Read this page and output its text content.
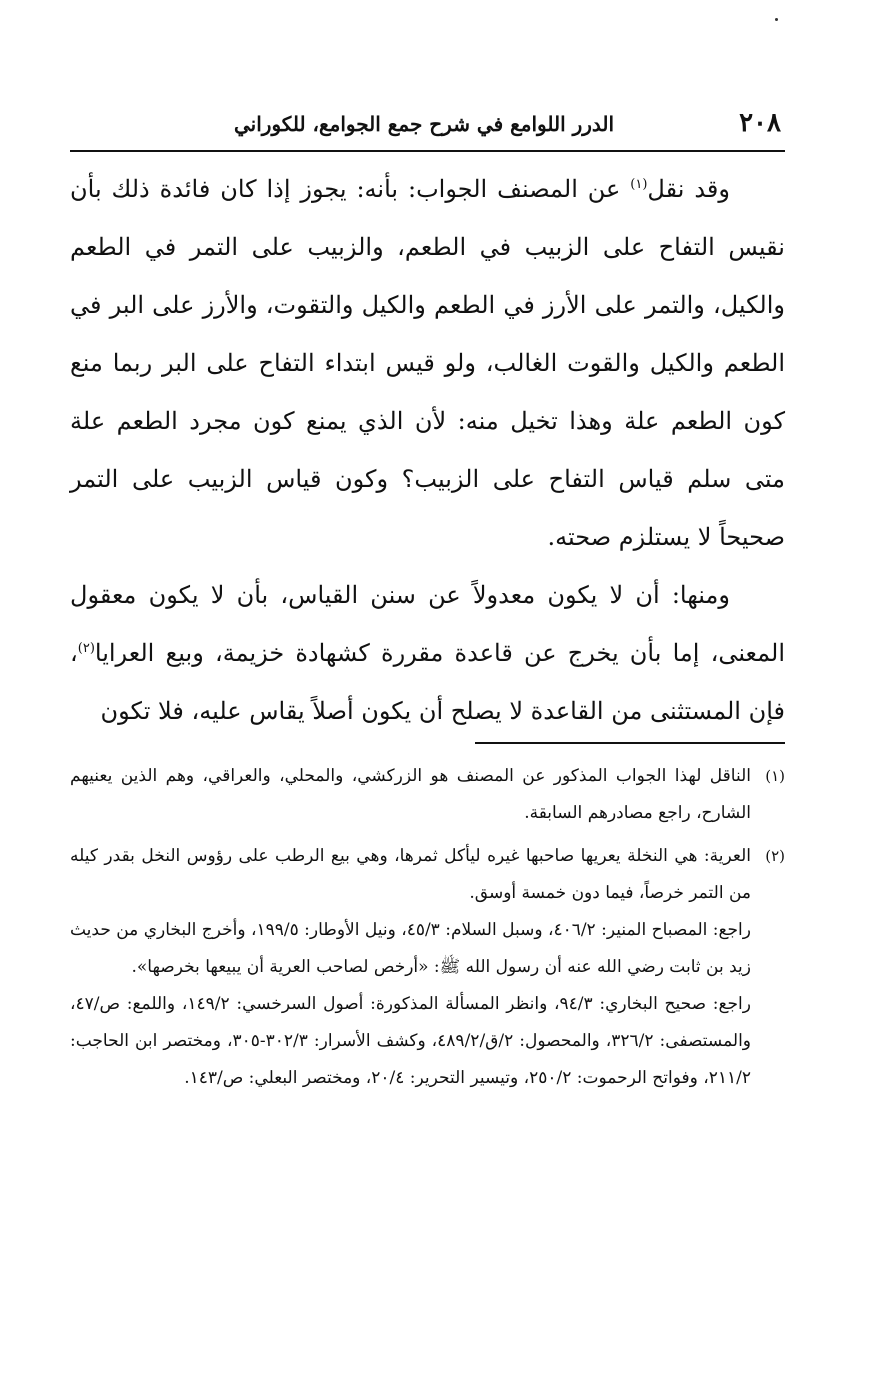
٢٠٨
الدرر اللوامع في شرح جمع الجوامع، للكوراني

وقد نقل$^{(١)}$ عن المصنف الجواب: بأنه: يجوز إذا كان فائدة ذلك بأن نقيس التفاح على الزبيب في الطعم، والزبيب على التمر في الطعم والكيل، والتمر على الأرز في الطعم والكيل والتقوت، والأرز على البر في الطعم والكيل والقوت الغالب، ولو قيس ابتداء التفاح على البر ربما منع كون الطعم علة وهذا تخيل منه: لأن الذي يمنع كون مجرد الطعم علة متى سلم قياس التفاح على الزبيب؟ وكون قياس الزبيب على التمر صحيحاً لا يستلزم صحته.

ومنها: أن لا يكون معدولاً عن سنن القياس، بأن لا يكون معقول المعنى، إما بأن يخرج عن قاعدة مقررة كشهادة خزيمة، وبيع العرايا$^{(٢)}$، فإن المستثنى من القاعدة لا يصلح أن يكون أصلاً يقاس عليه، فلا تكون

(١)

الناقل لهذا الجواب المذكور عن المصنف هو الزركشي، والمحلي، والعراقي، وهم الذين يعنيهم الشارح، راجع مصادرهم السابقة.

(٢)

العرية: هي النخلة يعريها صاحبها غيره ليأكل ثمرها، وهي بيع الرطب على رؤوس النخل بقدر كيله من التمر خرصاً، فيما دون خمسة أوسق.

راجع: المصباح المنير: ٤٠٦/٢، وسبل السلام: ٤٥/٣، ونيل الأوطار: ١٩٩/٥، وأخرج البخاري من حديث زيد بن ثابت رضي الله عنه أن رسول الله ﷺ: «أرخص لصاحب العرية أن يبيعها بخرصها».

راجع: صحيح البخاري: ٩٤/٣، وانظر المسألة المذكورة: أصول السرخسي: ١٤٩/٢، واللمع: ص/٤٧، والمستصفى: ٣٢٦/٢، والمحصول: ٢/ق/٤٨٩/٢، وكشف الأسرار: ٣٠٢/٣-٣٠٥، ومختصر ابن الحاجب: ٢١١/٢، وفواتح الرحموت: ٢٥٠/٢، وتيسير التحرير: ٢٠/٤، ومختصر البعلي: ص/١٤٣.
